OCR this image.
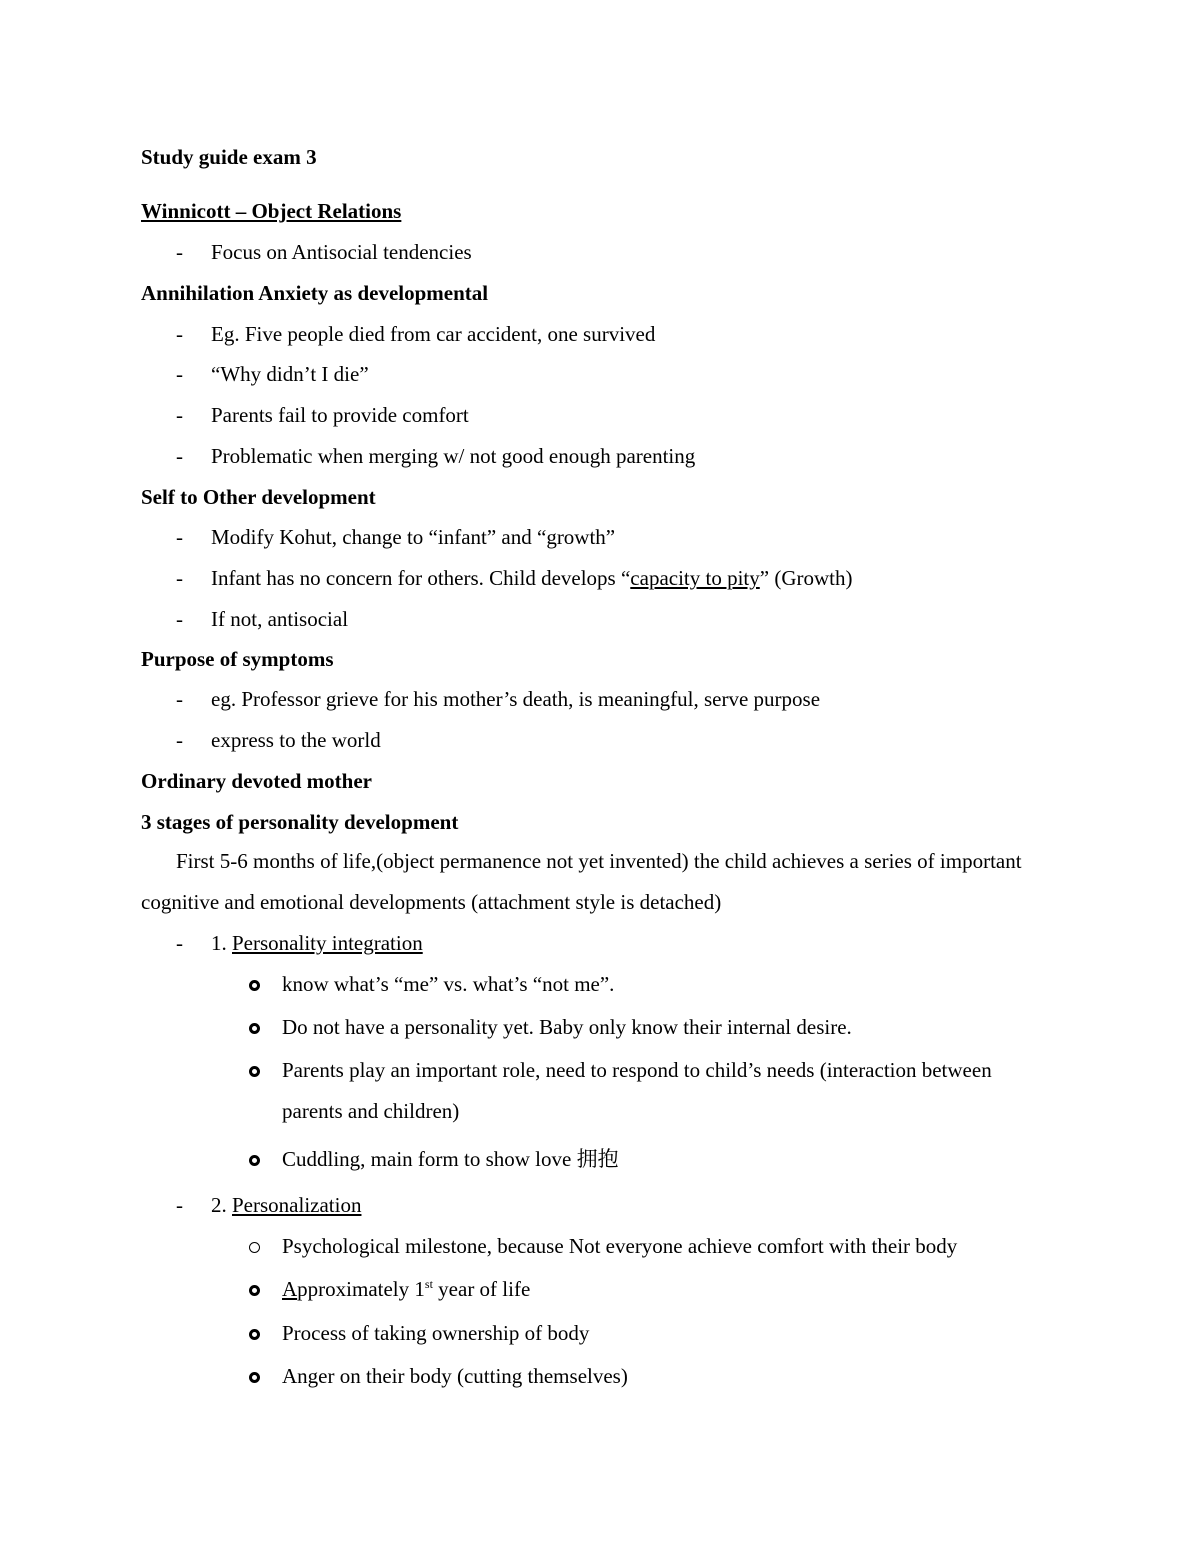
Study guide exam 3
Winnicott – Object Relations
- Focus on Antisocial tendencies
Annihilation Anxiety as developmental
- Eg. Five people died from car accident, one survived
- “Why didn’t I die”
- Parents fail to provide comfort
- Problematic when merging w/ not good enough parenting
Self to Other development
- Modify Kohut, change to “infant” and “growth”
- Infant has no concern for others. Child develops “capacity to pity” (Growth)
- If not, antisocial
Purpose of symptoms
- eg. Professor grieve for his mother’s death, is meaningful, serve purpose
- express to the world
Ordinary devoted mother
3 stages of personality development
First 5-6 months of life,(object permanence not yet invented) the child achieves a series of important
cognitive and emotional developments (attachment style is detached)
- 1. Personality integration
know what’s “me” vs. what’s “not me”.
Do not have a personality yet. Baby only know their internal desire.
Parents play an important role, need to respond to child’s needs (interaction between
parents and children)
Cuddling, main form to show love 拥抱
- 2. Personalization
Psychological milestone, because Not everyone achieve comfort with their body
Approximately 1st year of life
Process of taking ownership of body
Anger on their body (cutting themselves)
